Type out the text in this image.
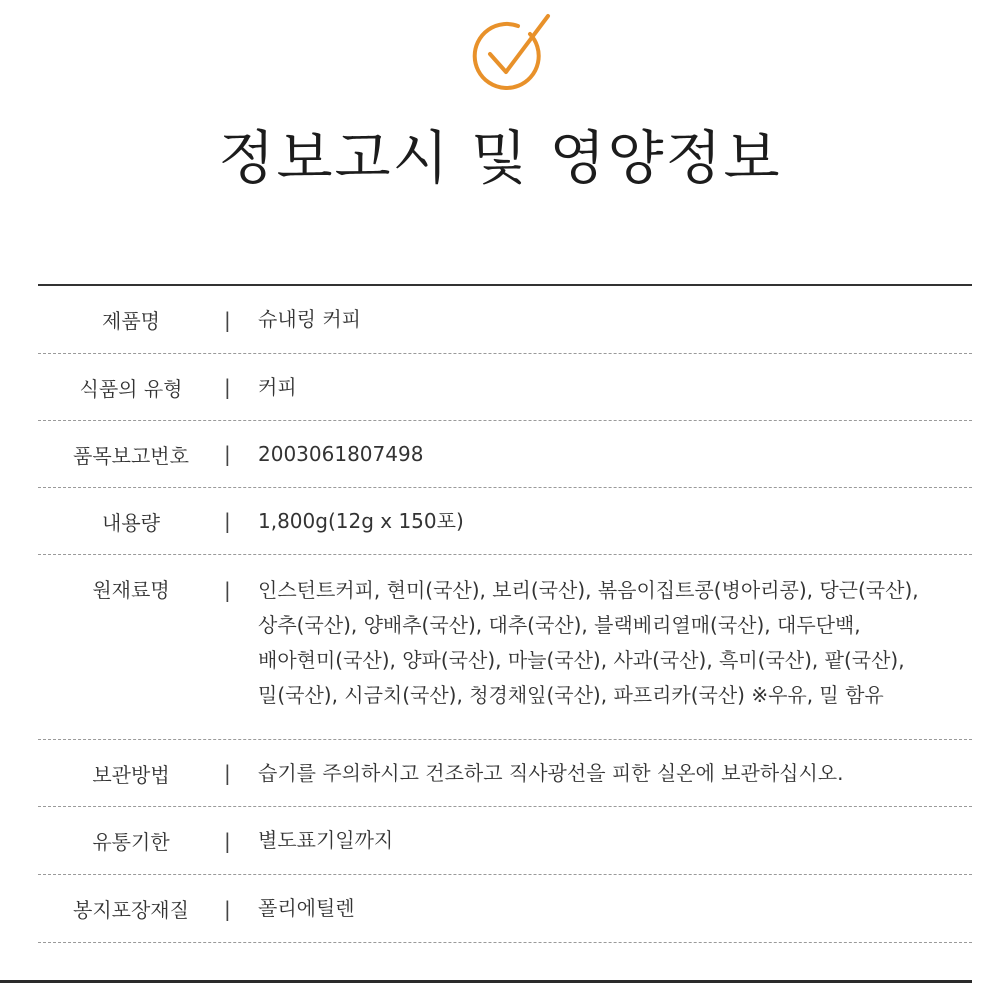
정보고시 및 영양정보
제품명	|	슈내링 커피
식품의 유형	|	커피
품목보고번호	|	2003061807498
내용량	|	1,800g(12g x 150포)
원재료명	|	인스턴트커피, 현미(국산), 보리(국산), 볶음이집트콩(병아리콩), 당근(국산),
상추(국산), 양배추(국산), 대추(국산), 블랙베리열매(국산), 대두단백,
배아현미(국산), 양파(국산), 마늘(국산), 사과(국산), 흑미(국산), 팥(국산),
밀(국산), 시금치(국산), 청경채잎(국산), 파프리카(국산) ※우유, 밀 함유
보관방법	|	습기를 주의하시고 건조하고 직사광선을 피한 실온에 보관하십시오.
유통기한	|	별도표기일까지
봉지포장재질	|	폴리에틸렌
